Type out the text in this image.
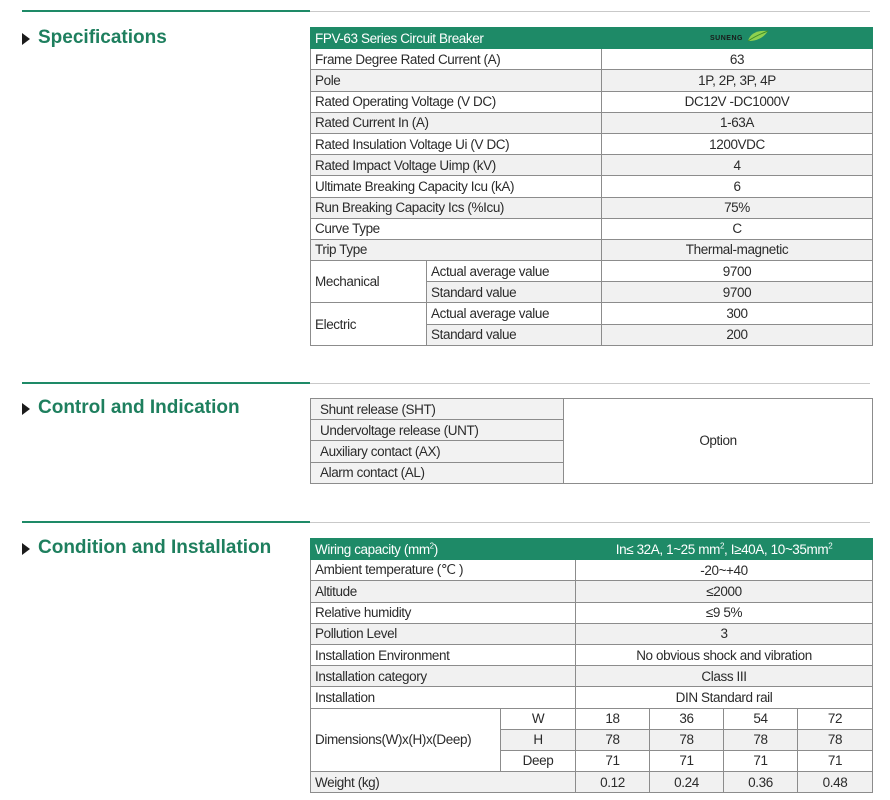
Specifications
Control and Indication
Condition and Installation
FPV-63 Series Circuit Breaker		SUNENG

Frame Degree Rated Current (A)		63
Pole		1P, 2P, 3P, 4P
Rated Operating Voltage (V DC)		DC12V -DC1000V
Rated Current In (A)		1-63A
Rated Insulation Voltage Ui (V DC)		1200VDC
Rated Impact Voltage Uimp (kV)		4
Ultimate Breaking Capacity Icu (kA)		6
Run Breaking Capacity Ics (%Icu)		75%
Curve Type		C
Trip Type		Thermal-magnetic
Mechanical	Actual average value	9700
	Standard value	9700
Electric	Actual average value	300
	Standard value	200
Shunt release (SHT)	Option
Undervoltage release (UNT)
Auxiliary contact (AX)
Alarm contact (AL)
Wiring capacity $(mm^2)$		In≤ 32A, 1~25 $mm^2$, I≥40A, $10\sim 35mm^2$
Ambient temperature (℃ )		-20~+40			
Altitude		≤2000			
Relative humidity		≤9 5%			
Pollution Level		3			
Installation Environment		No obvious shock and vibration			
Installation category		Class III			
Installation		DIN Standard rail			
Dimensions(W)x(H)x(Deep)	W	18	36	54	72
	H	78	78	78	78
	Deep	71	71	71	71
Weight (kg)		0.12	0.24	0.36	0.48
